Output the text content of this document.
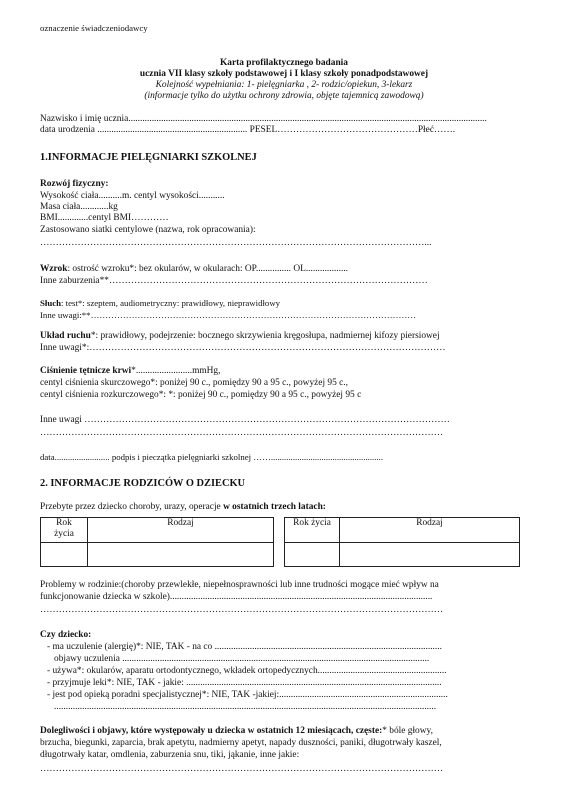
oznaczenie świadczeniodawcy
Karta profilaktycznego badania
ucznia VII klasy szkoły podstawowej i I klasy szkoły ponadpodstawowej
Kolejność wypełniania: 1- pielęgniarka , 2- rodzic/opiekun, 3-lekarz
(informacje tylko do użytku ochrony zdrowia, objęte tajemnicą zawodową)
Nazwisko i imię ucznia.........................................................................................................................................................
data urodzenia ................................................................ PESEL………………………………………Płeć…….
1.INFORMACJE PIELĘGNIARKI SZKOLNEJ
Rozwój fizyczny:
Wysokość ciała..........m. centyl wysokości...........
Masa ciała............kg
BMI.............centyl BMI…………
Zastosowano siatki centylowe (nazwa, rok opracowania):
……………………………………………………………………………………………………………...
Wzrok: ostrość wzroku*: bez okularów, w okularach: OP............... OL..................
Inne zaburzenia**…………………………………………………………………………………………
Słuch: test*: szeptem, audiometryczny: prawidłowy, nieprawidłowy
Inne uwagi:**…………………………………………………………………………………………………
Układ ruchu*: prawidłowy, podejrzenie: bocznego skrzywienia kręgosłupa, nadmiernej kifozy piersiowej
Inne uwagi*:……………………………………………………………………………………………………
Ciśnienie tętnicze krwi*........................mmHg,
centyl ciśnienia skurczowego*: poniżej 90 c., pomiędzy 90 a 95 c., powyżej 95 c.,
centyl ciśnienia rozkurczowego*: *: poniżej 90 c., pomiędzy 90 a 95 c., powyżej 95 c
Inne uwagi ………………………………………………………………………………………………………
…………………………………………………………………………………………………………………
data......................... podpis i pieczątka pielęgniarki szkolnej ……...................................................
2. INFORMACJE RODZICÓW O DZIECKU
Przebyte przez dziecko choroby, urazy, operacje w ostatnich trzech latach:
Rok
życia	Rodzaj
		Rok życia	Rodzaj

Problemy w rodzinie:(choroby przewlekłe, niepełnosprawności lub inne trudności mogące mieć wpływ na
funkcjonowanie dziecka w szkole)................................................................................................................
…………………………………………………………………………………………………………………
Czy dziecko:
- ma uczulenie (alergię)*: NIE, TAK - na co .................................................................................................
objawy uczulenia ...................................................................................................................................
- używa*: okularów, aparatu ortodontycznego, wkładek ortopedycznych.......................................................
- przyjmuje leki*: NIE, TAK - jakie: .............................................................................................................
- jest pod opieką poradni specjalistycznej*: NIE, TAK -jakiej:........................................................................
...................................................................................................................................................................
Dolegliwości i objawy, które występowały u dziecka w ostatnich 12 miesiącach, częste:* bóle głowy,
brzucha, biegunki, zaparcia, brak apetytu, nadmierny apetyt, napady duszności, paniki, długotrwały kaszel,
długotrwały katar, omdlenia, zaburzenia snu, tiki, jąkanie, inne jakie:
…………………………………………………………………………………………………………………
